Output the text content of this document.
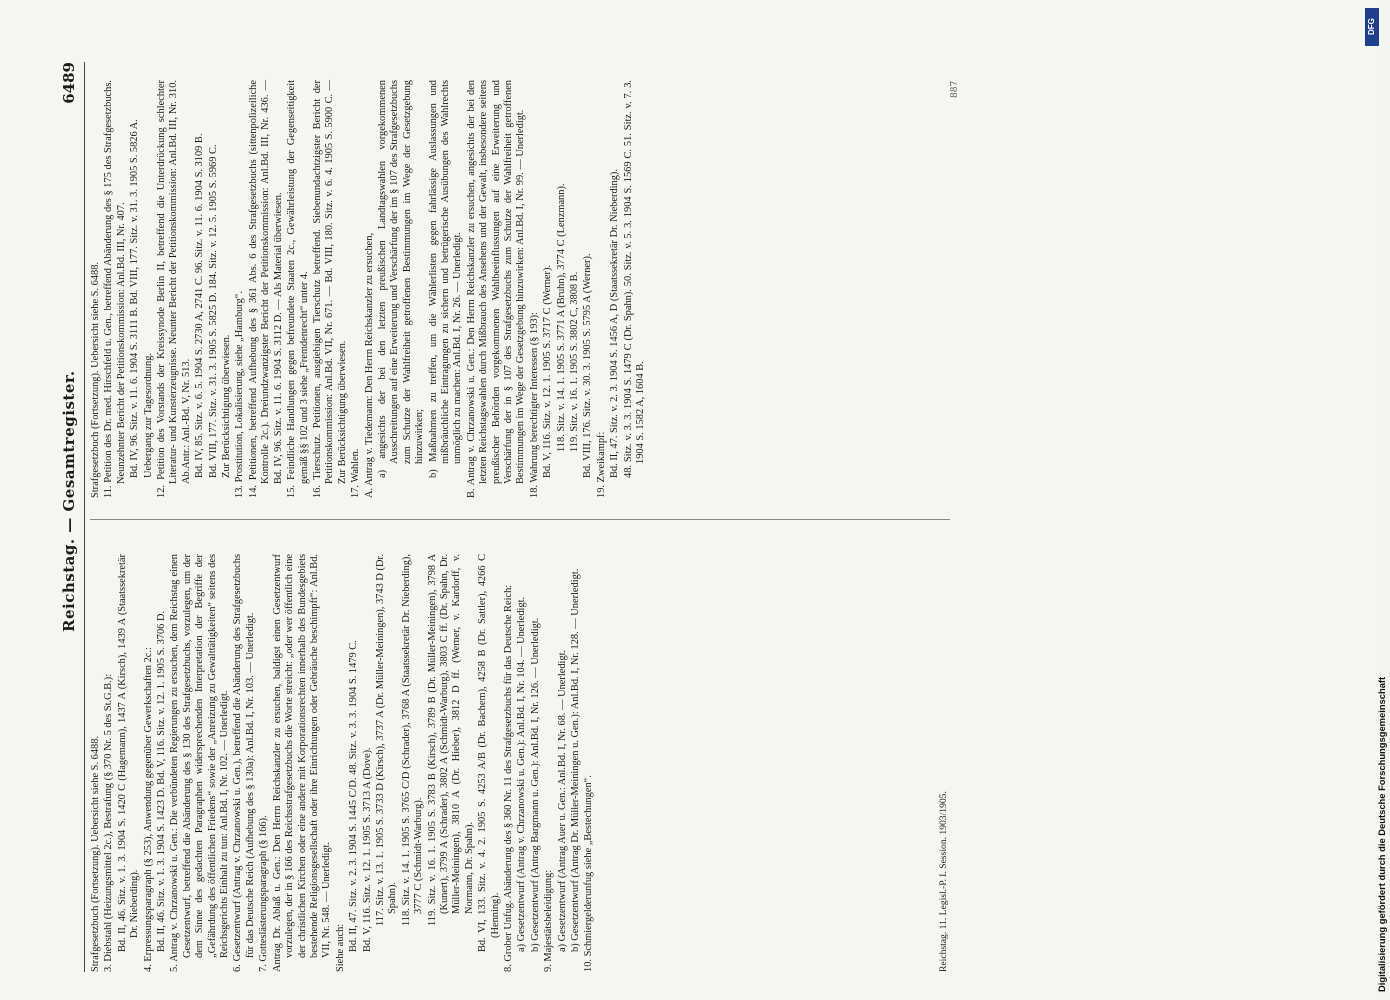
Reichstag. — Gesamtregister.
6489

Strafgesetzbuch (Fortsetzung). Uebersicht siehe S. 6488. 3. Diebstahl (Heizungsmittel 2c.), Bestrafung (§ 370 Nr. 5 des St.G.B.): Bd. II, 46. Sitz. v. 1. 3. 1904 S. 1420 C (Hagemann), 1437 A (Kirsch), 1439 A (Staatssekretär Dr. Nieberding). 4. Erpressungsparagraph (§ 253), Anwendung gegenüber Gewerkschaften 2c.: Bd. II, 46. Sitz. v. 1. 3. 1904 S. 1423 D. Bd. V, 116. Sitz. v. 12. 1. 1905 S. 3706 D. 5. Antrag v. Chrzanowski u. Gen.: Die verbündeten Regierungen zu ersuchen, dem Reichstag einen Gesetzentwurf, betreffend die Abänderung des § 130 des Strafgesetzbuchs, vorzulegen, um der dem Sinne des gedachten Paragraphen widersprechenden Interpretation der Begriffe der „Gefährdung des öffentlichen Friedens“ sowie der „Anreizung zu Gewalttätigkeiten“ seitens des Reichsgerichts Einhalt zu tun: Anl.Bd. I, Nr. 102. — Unerledigt. 6. Gesetzentwurf (Antrag v. Chrzanowski u. Gen.), betreffend die Abänderung des Strafgesetzbuchs für das Deutsche Reich (Aufhebung des § 130a): Anl.Bd. I, Nr. 103. — Unerledigt. 7. Gotteslästerungsparagraph (§ 166). Antrag Dr. Ablaß u. Gen.: Den Herrn Reichskanzler zu ersuchen, baldigst einen Gesetzentwurf vorzulegen, der in § 166 des Reichsstrafgesetzbuchs die Worte streicht: „oder wer öffentlich eine der christlichen Kirchen oder eine andere mit Korporationsrechten innerhalb des Bundesgebiets bestehende Religionsgesellschaft oder ihre Einrichtungen oder Gebräuche beschimpft“: Anl.Bd. VII, Nr. 548. — Unerledigt. Siehe auch: Bd. II, 47. Sitz. v. 2. 3. 1904 S. 1445 C/D. 48. Sitz. v. 3. 3. 1904 S. 1479 C. Bd. V, 116. Sitz. v. 12. 1. 1905 S. 3713 A (Dove). 117. Sitz. v. 13. 1. 1905 S. 3733 D (Kirsch), 3737 A (Dr. Müller-Meiningen), 3743 D (Dr. Spahn). 118. Sitz. v. 14. 1. 1905 S. 3765 C/D (Schrader), 3768 A (Staatssekretär Dr. Nieberding), 3777 C (Schmidt-Warburg). 119. Sitz. v. 16. 1. 1905 S. 3783 B (Kirsch), 3789 B (Dr. Müller-Meiningen), 3798 A (Kunert), 3799 A (Schrader), 3802 A (Schmidt-Warburg), 3803 C ff. (Dr. Spahn, Dr. Müller-Meiningen), 3810 A (Dr. Hieber), 3812 D ff. (Werner, v. Kardorff, v. Normann, Dr. Spahn). Bd. VI, 133. Sitz. v. 4. 2. 1905 S. 4253 A/B (Dr. Bachem), 4258 B (Dr. Sattler), 4266 C (Henning). 8. Grober Unfug. Abänderung des § 360 Nr. 11 des Strafgesetzbuchs für das Deutsche Reich: a) Gesetzentwurf (Antrag v. Chrzanowski u. Gen.): Anl.Bd. I, Nr. 104. — Unerledigt. b) Gesetzentwurf (Antrag Bargmann u. Gen.): Anl.Bd. I, Nr. 126. — Unerledigt. 9. Majestätsbeleidigung: a) Gesetzentwurf (Antrag Auer u. Gen.: Anl.Bd. I, Nr. 68. — Unerledigt. b) Gesetzentwurf (Antrag Dr. Müller-Meiningen u. Gen.): Anl.Bd. I, Nr. 128. — Unerledigt. 10. Schmiergelderunfug siehe „Bestechungen“.

Strafgesetzbuch (Fortsetzung). Uebersicht siehe S. 6488. 11. Petition des Dr. med. Hirschfeld u. Gen., betreffend Abänderung des § 175 des Strafgesetzbuchs. Neunzehnter Bericht der Petitionskommission: Anl.Bd. III, Nr. 407. Bd. IV, 96. Sitz. v. 11. 6. 1904 S. 3111 B. Bd. VIII, 177. Sitz. v. 31. 3. 1905 S. 5826 A. Uebergang zur Tagesordnung. 12. Petition des Vorstands der Kreissynode Berlin II, betreffend die Unterdrückung schlechter Literatur- und Kunsterzeugnisse. Neunter Bericht der Petitionskommission: Anl.Bd. III, Nr. 310. Ab.Antr.: Anl.-Bd. V, Nr. 513. Bd. IV, 85. Sitz. v. 6. 5. 1904 S. 2730 A, 2741 C. 96. Sitz. v. 11. 6. 1904 S. 3109 B. Bd. VIII, 177. Sitz. v. 31. 3. 1905 S. 5825 D. 184. Sitz. v. 12. 5. 1905 S. 5969 C. Zur Berücksichtigung überwiesen. 13. Prostitution, Lokalisierung, siehe „Hamburg“. 14. Petitionen, betreffend Aufhebung des § 361 Abs. 6 des Strafgesetzbuchs (sittenpolizeiliche Kontrolle 2c.). Dreiundzwanzigster Bericht der Petitionskommission: Anl.Bd. III, Nr. 436. — Bd. IV, 96. Sitz. v. 11. 6. 1904 S. 3112 D. — Als Material überwiesen. 15. Feindliche Handlungen gegen befreundete Staaten 2c., Gewährleistung der Gegenseitigkeit gemäß §§ 102 und 3 siehe „Fremdenrecht“ unter 4. 16. Tierschutz. Petitionen, ausgiebigen Tierschutz betreffend. Siebenundachtzigster Bericht der Petitionskommission: Anl.Bd. VII, Nr. 671. — Bd. VIII, 180. Sitz. v. 6. 4. 1905 S. 5900 C. — Zur Berücksichtigung überwiesen. 17. Wahlen. A. Antrag v. Tiedemann: Den Herrn Reichskanzler zu ersuchen, a) angesichts der bei den letzten preußischen Landtagswahlen vorgekommenen Ausschreitungen auf eine Erweiterung und Verschärfung der im § 107 des Strafgesetzbuchs zum Schutze der Wahlfreiheit getroffenen Bestimmungen im Wege der Gesetzgebung hinzuwirken; b) Maßnahmen zu treffen, um die Wählerlisten gegen fahrlässige Auslassungen und mißbräuchliche Eintragungen zu sichern und betrügerische Ausübungen des Wahlrechts unmöglich zu machen: Anl.Bd. I, Nr. 26. — Unerledigt. B. Antrag v. Chrzanowski u. Gen.: Den Herrn Reichskanzler zu ersuchen, angesichts der bei den letzten Reichstagswahlen durch Mißbrauch des Ansehens und der Gewalt, insbesondere seitens preußischer Behörden vorgekommenen Wahlbeeinflussungen auf eine Erweiterung und Verschärfung der in § 107 des Strafgesetzbuchs zum Schutze der Wahlfreiheit getroffenen Bestimmungen im Wege der Gesetzgebung hinzuwirken: Anl.Bd. I, Nr. 99. — Unerledigt. 18. Wahrung berechtigter Interessen (§ 193): Bd. V, 116. Sitz. v. 12. 1. 1905 S. 3717 C (Werner). 118. Sitz. v. 14. 1. 1905 S. 3771 A (Bruhn), 3774 C (Lenzmann). 119. Sitz. v. 16. 1. 1905 S. 3802 C, 3808 B. Bd. VIII, 176. Sitz. v. 30. 3. 1905 S. 5795 A (Werner). 19. Zweikampf: Bd. II, 47. Sitz. v. 2. 3. 1904 S. 1456 A, D (Staatssekretär Dr. Nieberding). 48. Sitz. v. 3. 3. 1904 S. 1479 C (Dr. Spahn). 50. Sitz. v. 5. 3. 1904 S. 1569 C. 51. Sitz. v. 7. 3. 1904 S. 1582 A, 1604 B.

Reichstag. 11. Legisl.-P. I. Session. 1903/1905.
887
DFG
Digitalisierung gefördert durch die Deutsche Forschungsgemeinschaft
